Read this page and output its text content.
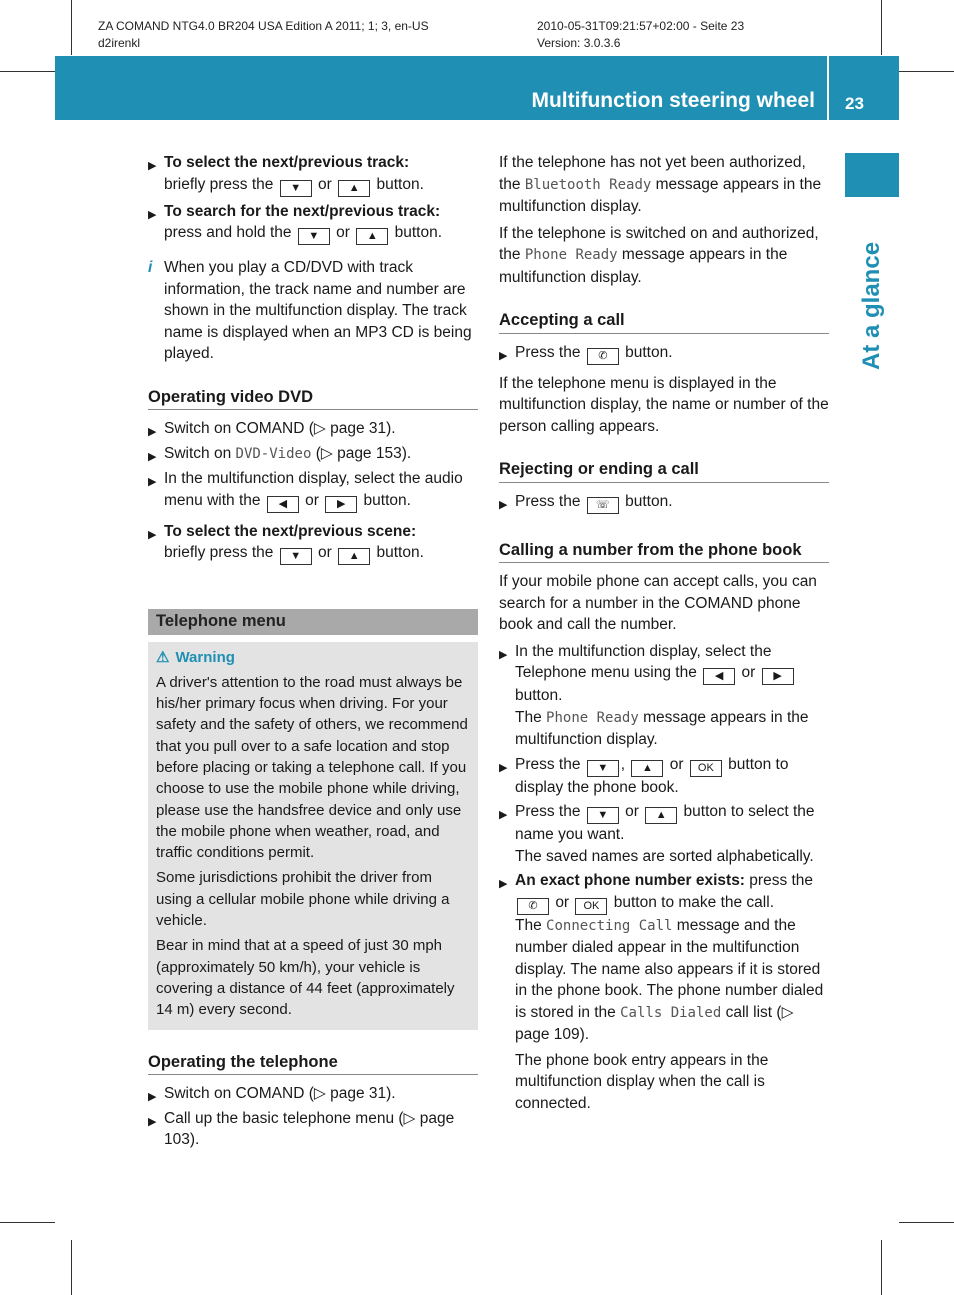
ZA COMAND NTG4.0 BR204 USA Edition A 2011; 1; 3, en-US
d2irenkl
2010-05-31T09:21:57+02:00 - Seite 23
Version: 3.0.3.6
Multifunction steering wheel 23
At a glance
▶ To select the next/previous track:
briefly press the ▼ or ▲ button.
▶ To search for the next/previous track:
press and hold the ▼ or ▲ button.
i When you play a CD/DVD with track information, the track name and number are shown in the multifunction display. The track name is displayed when an MP3 CD is being played.
Operating video DVD
▶ Switch on COMAND (▷ page 31).
▶ Switch on DVD-Video (▷ page 153).
▶ In the multifunction display, select the audio menu with the ◀ or ▶ button.
▶ To select the next/previous scene:
briefly press the ▼ or ▲ button.
Telephone menu
⚠ Warning

A driver's attention to the road must always be his/her primary focus when driving. For your safety and the safety of others, we recommend that you pull over to a safe location and stop before placing or taking a telephone call. If you choose to use the mobile phone while driving, please use the handsfree device and only use the mobile phone when weather, road, and traffic conditions permit.

Some jurisdictions prohibit the driver from using a cellular mobile phone while driving a vehicle.

Bear in mind that at a speed of just 30 mph (approximately 50 km/h), your vehicle is covering a distance of 44 feet (approximately 14 m) every second.

Operating the telephone
▶ Switch on COMAND (▷ page 31).
▶ Call up the basic telephone menu (▷ page 103).

If the telephone has not yet been authorized, the Bluetooth Ready message appears in the multifunction display.

If the telephone is switched on and authorized, the Phone Ready message appears in the multifunction display.

Accepting a call
▶ Press the ✆ button.

If the telephone menu is displayed in the multifunction display, the name or number of the person calling appears.

Rejecting or ending a call
▶ Press the ☏ button.
Calling a number from the phone book

If your mobile phone can accept calls, you can search for a number in the COMAND phone book and call the number.

▶ In the multifunction display, select the Telephone menu using the ◀ or ▶ button.
The Phone Ready message appears in the multifunction display.
▶ Press the ▼ , ▲ or OK button to display the phone book.
▶ Press the ▼ or ▲ button to select the name you want.
The saved names are sorted alphabetically.
▶ An exact phone number exists: press the ✆ or OK button to make the call.
The Connecting Call message and the number dialed appear in the multifunction display. The name also appears if it is stored in the phone book. The phone number dialed is stored in the Calls Dialed call list (▷ page 109).
The phone book entry appears in the multifunction display when the call is connected.
